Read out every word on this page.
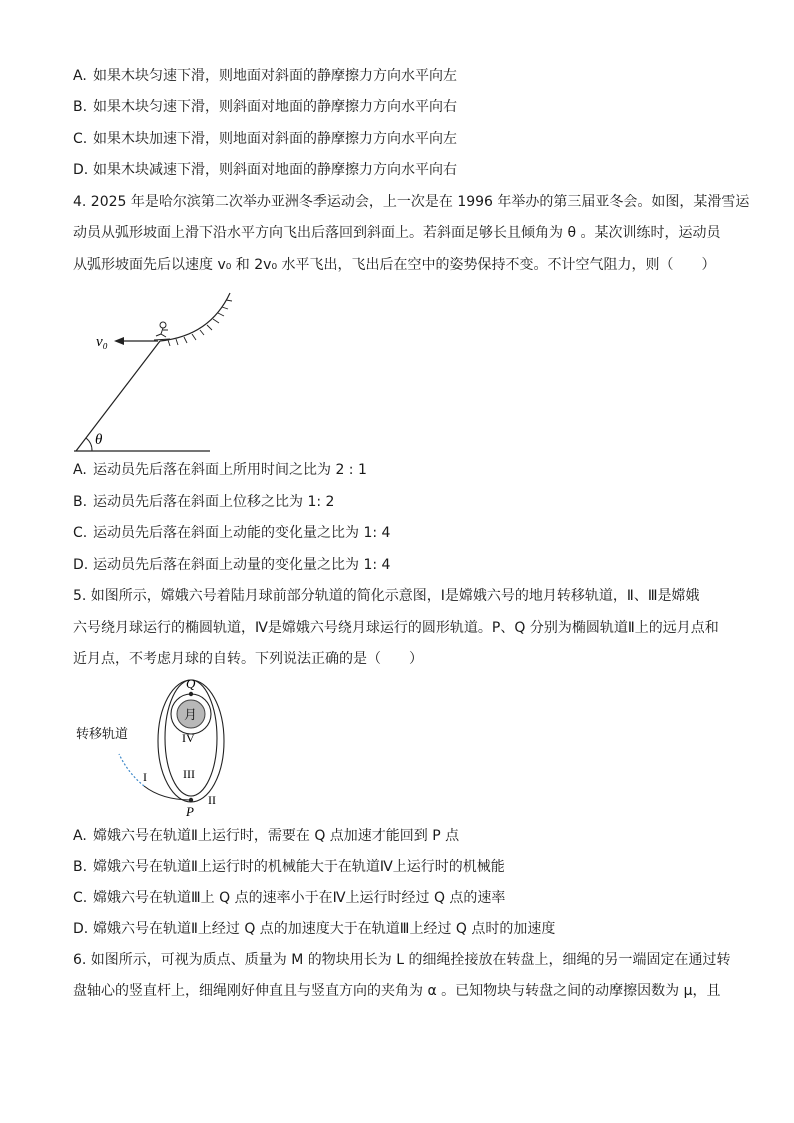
A. 如果木块匀速下滑，则地面对斜面的静摩擦力方向水平向左
B. 如果木块匀速下滑，则斜面对地面的静摩擦力方向水平向右
C. 如果木块加速下滑，则地面对斜面的静摩擦力方向水平向左
D. 如果木块减速下滑，则斜面对地面的静摩擦力方向水平向右
4. 2025 年是哈尔滨第二次举办亚洲冬季运动会，上一次是在 1996 年举办的第三届亚冬会。如图，某滑雪运
动员从弧形坡面上滑下沿水平方向飞出后落回到斜面上。若斜面足够长且倾角为 θ 。某次训练时，运动员
从弧形坡面先后以速度 v₀ 和 2v₀ 水平飞出，飞出后在空中的姿势保持不变。不计空气阻力，则（　　）
θ
v₀
A. 运动员先后落在斜面上所用时间之比为 2 : 1
B. 运动员先后落在斜面上位移之比为 1: 2
C. 运动员先后落在斜面上动能的变化量之比为 1: 4
D. 运动员先后落在斜面上动量的变化量之比为 1: 4
5. 如图所示，嫦娥六号着陆月球前部分轨道的简化示意图，Ⅰ是嫦娥六号的地月转移轨道，Ⅱ、Ⅲ是嫦娥
六号绕月球运行的椭圆轨道，Ⅳ是嫦娥六号绕月球运行的圆形轨道。P、Q 分别为椭圆轨道Ⅱ上的远月点和
近月点，不考虑月球的自转。下列说法正确的是（　　）
月
Q
P
IV
III
II
I
转移轨道
A. 嫦娥六号在轨道Ⅱ上运行时，需要在 Q 点加速才能回到 P 点
B. 嫦娥六号在轨道Ⅱ上运行时的机械能大于在轨道Ⅳ上运行时的机械能
C. 嫦娥六号在轨道Ⅲ上 Q 点的速率小于在Ⅳ上运行时经过 Q 点的速率
D. 嫦娥六号在轨道Ⅱ上经过 Q 点的加速度大于在轨道Ⅲ上经过 Q 点时的加速度
6. 如图所示，可视为质点、质量为 M 的物块用长为 L 的细绳拴接放在转盘上，细绳的另一端固定在通过转
盘轴心的竖直杆上，细绳刚好伸直且与竖直方向的夹角为 α 。已知物块与转盘之间的动摩擦因数为 μ，且
